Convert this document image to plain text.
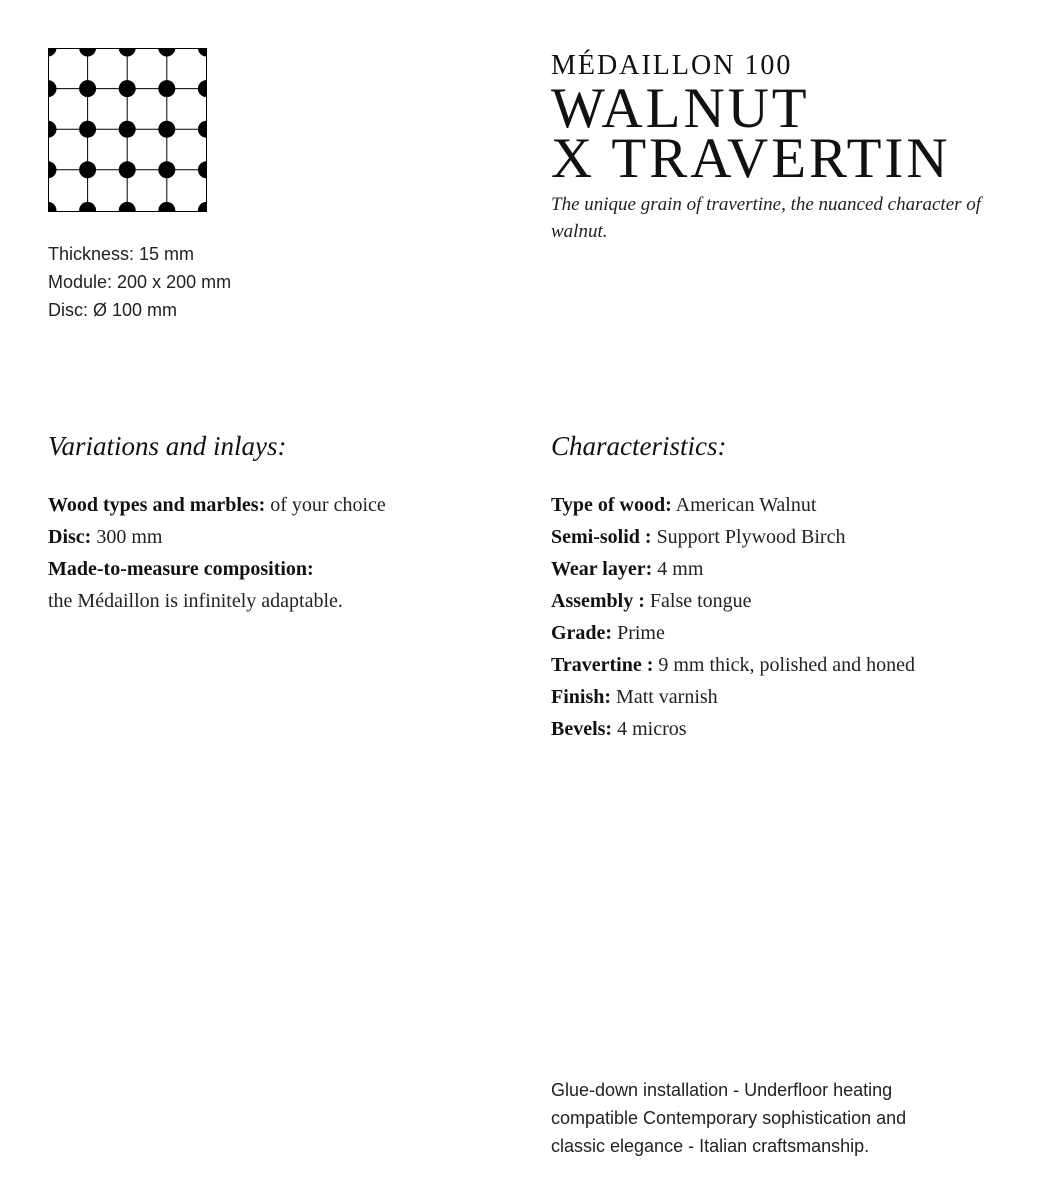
Thickness: 15 mm
Module: 200 x 200 mm
Disc: Ø 100 mm
MÉDAILLON 100
WALNUT
X TRAVERTIN
The unique grain of travertine, the nuanced character of walnut.
Variations and inlays:
Wood types and marbles: of your choice
Disc: 300 mm
Made-to-measure composition:
the Médaillon is infinitely adaptable.
Characteristics:
Type of wood: American Walnut
Semi-solid : Support Plywood Birch
Wear layer: 4 mm
Assembly : False tongue
Grade: Prime
Travertine : 9 mm thick, polished and honed
Finish: Matt varnish
Bevels: 4 micros
Glue-down installation - Underfloor heating compatible Contemporary sophistication and classic elegance - Italian craftsmanship.
